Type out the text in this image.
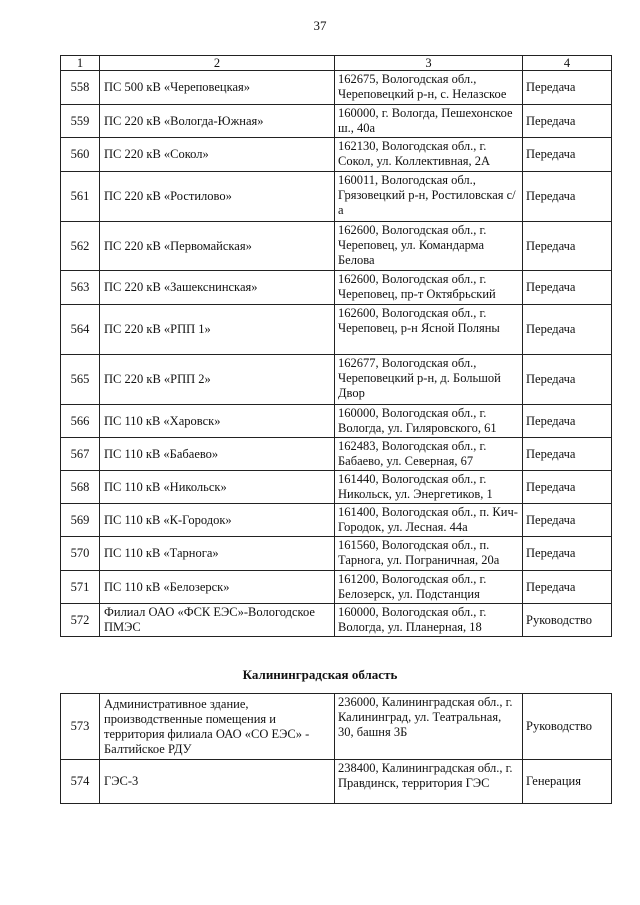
37
1	2	3	4
558	ПС 500 кВ «Череповецкая»	162675, Вологодская обл., Череповецкий р-н, с. Нелазское	Передача
559	ПС 220 кВ «Вологда-Южная»	160000, г. Вологда, Пешехонское ш., 40а	Передача
560	ПС 220 кВ «Сокол»	162130, Вологодская обл., г. Сокол, ул. Коллективная, 2А	Передача
561	ПС 220 кВ «Ростилово»	160011, Вологодская обл., Грязовецкий р-н, Ростиловская с/а	Передача
562	ПС 220 кВ «Первомайская»	162600, Вологодская обл., г. Череповец, ул. Командарма Белова	Передача
563	ПС 220 кВ «Зашекснинская»	162600, Вологодская обл., г. Череповец, пр-т Октябрьский	Передача
564	ПС 220 кВ «РПП 1»	162600, Вологодская обл., г. Череповец, р-н Ясной Поляны	Передача
565	ПС 220 кВ «РПП 2»	162677, Вологодская обл., Череповецкий р-н, д. Большой Двор	Передача
566	ПС 110 кВ «Харовск»	160000, Вологодская обл., г. Вологда, ул. Гиляровского, 61	Передача
567	ПС 110 кВ «Бабаево»	162483, Вологодская обл., г. Бабаево, ул. Северная, 67	Передача
568	ПС 110 кВ «Никольск»	161440, Вологодская обл., г. Никольск, ул. Энергетиков, 1	Передача
569	ПС 110 кВ «К-Городок»	161400, Вологодская обл., п. Кич-Городок, ул. Лесная. 44а	Передача
570	ПС 110 кВ «Тарнога»	161560, Вологодская обл., п. Тарнога, ул. Пограничная, 20а	Передача
571	ПС 110 кВ «Белозерск»	161200, Вологодская обл., г. Белозерск, ул. Подстанция	Передача
572	Филиал ОАО «ФСК ЕЭС»-Вологодское ПМЭС	160000, Вологодская обл., г. Вологда, ул. Планерная, 18	Руководство
Калининградская область
573	Административное здание, производственные помещения и территория филиала ОАО «СО ЕЭС» - Балтийское РДУ	236000, Калининградская обл., г. Калининград, ул. Театральная, 30, башня 3Б	Руководство
574	ГЭС-3	238400, Калининградская обл., г. Правдинск, территория ГЭС	Генерация
